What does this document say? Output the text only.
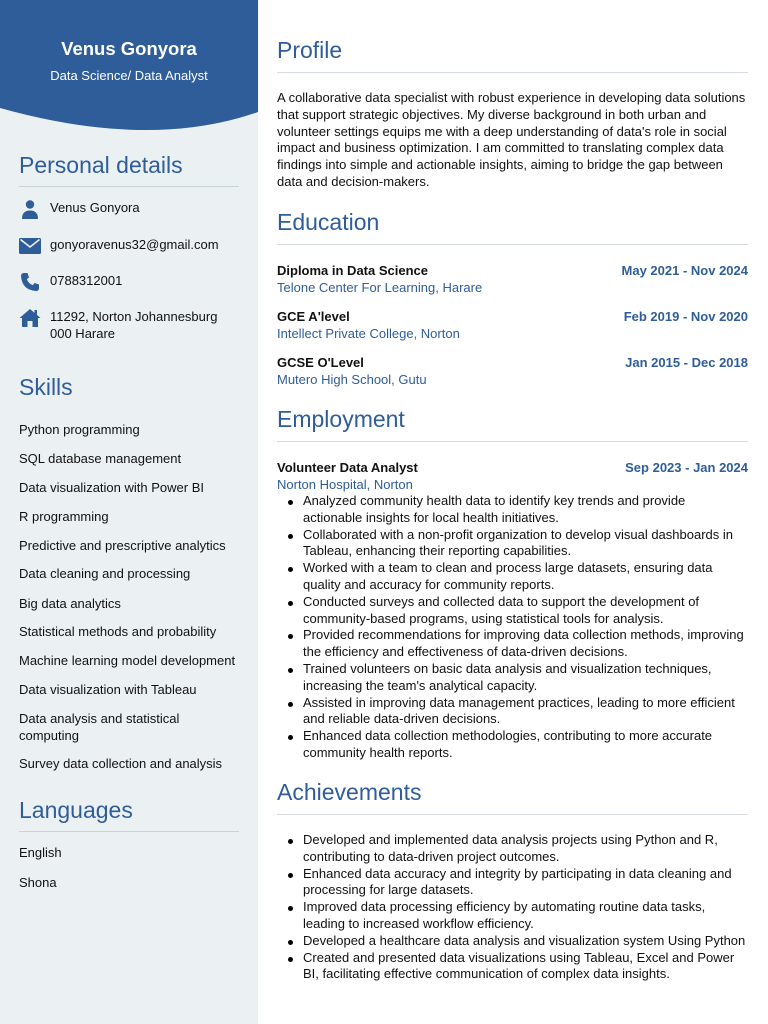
Venus Gonyora
Data Science/ Data Analyst
Personal details
Venus Gonyora
gonyoravenus32@gmail.com
0788312001
11292, Norton Johannesburg 000 Harare
Skills
Python programming
SQL database management
Data visualization with Power BI
R programming
Predictive and prescriptive analytics
Data cleaning and processing
Big data analytics
Statistical methods and probability
Machine learning model development
Data visualization with Tableau
Data analysis and statistical computing
Survey data collection and analysis
Languages
English
Shona
Profile
A collaborative data specialist with robust experience in developing data solutions that support strategic objectives. My diverse background in both urban and volunteer settings equips me with a deep understanding of data's role in social impact and business optimization. I am committed to translating complex data findings into simple and actionable insights, aiming to bridge the gap between data and decision-makers.
Education
Diploma in Data Science	May 2021 - Nov 2024
Telone Center For Learning, Harare
GCE A'level	Feb 2019 - Nov 2020
Intellect Private College, Norton
GCSE O'Level	Jan 2015 - Dec 2018
Mutero High School, Gutu
Employment
Volunteer Data Analyst	Sep 2023 - Jan 2024
Norton Hospital, Norton
Analyzed community health data to identify key trends and provide actionable insights for local health initiatives.
Collaborated with a non-profit organization to develop visual dashboards in Tableau, enhancing their reporting capabilities.
Worked with a team to clean and process large datasets, ensuring data quality and accuracy for community reports.
Conducted surveys and collected data to support the development of community-based programs, using statistical tools for analysis.
Provided recommendations for improving data collection methods, improving the efficiency and effectiveness of data-driven decisions.
Trained volunteers on basic data analysis and visualization techniques, increasing the team's analytical capacity.
Assisted in improving data management practices, leading to more efficient and reliable data-driven decisions.
Enhanced data collection methodologies, contributing to more accurate community health reports.
Achievements
Developed and implemented data analysis projects using Python and R, contributing to data-driven project outcomes.
Enhanced data accuracy and integrity by participating in data cleaning and processing for large datasets.
Improved data processing efficiency by automating routine data tasks, leading to increased workflow efficiency.
Developed a healthcare data analysis and visualization system Using Python
Created and presented data visualizations using Tableau, Excel and Power BI, facilitating effective communication of complex data insights.
